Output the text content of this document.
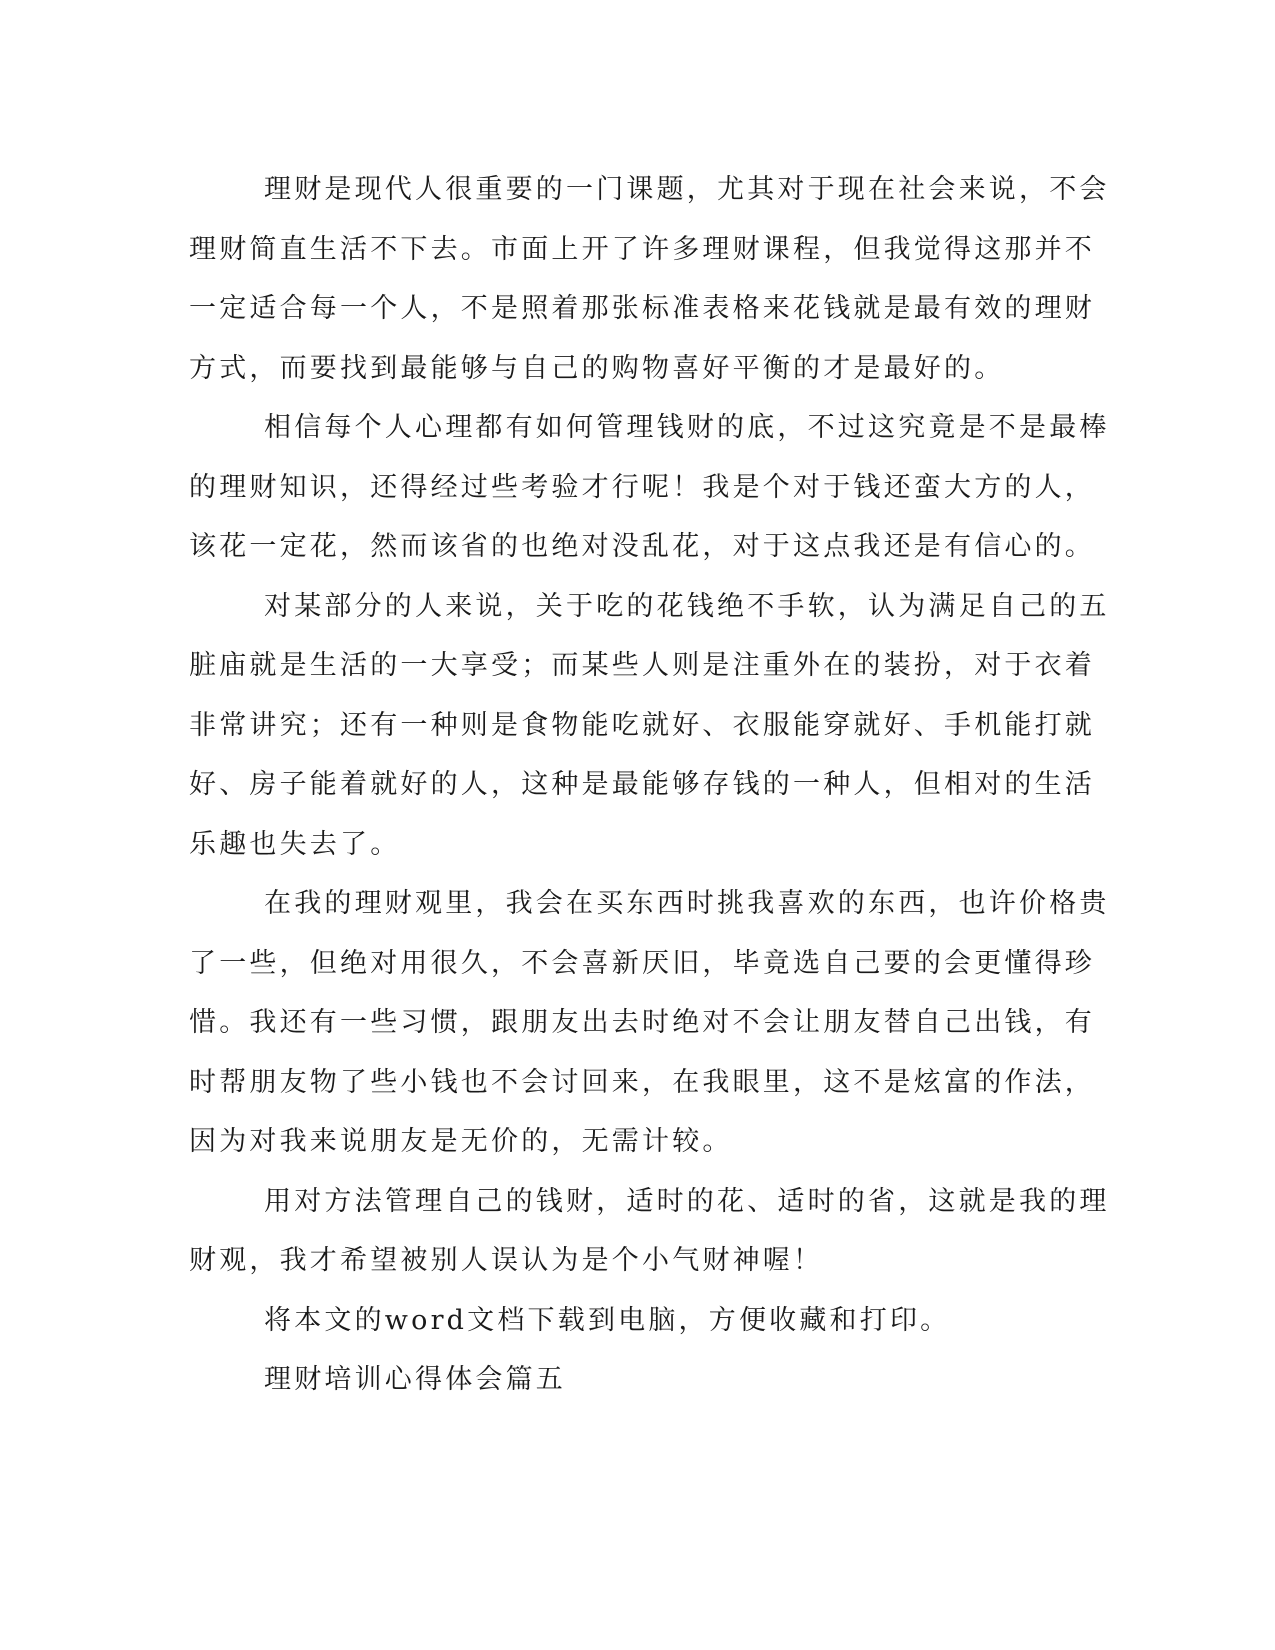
理财是现代人很重要的一门课题，尤其对于现在社会来说，不会
理财简直生活不下去。市面上开了许多理财课程，但我觉得这那并不
一定适合每一个人，不是照着那张标准表格来花钱就是最有效的理财
方式，而要找到最能够与自己的购物喜好平衡的才是最好的。

相信每个人心理都有如何管理钱财的底，不过这究竟是不是最棒
的理财知识，还得经过些考验才行呢！我是个对于钱还蛮大方的人，
该花一定花，然而该省的也绝对没乱花，对于这点我还是有信心的。

对某部分的人来说，关于吃的花钱绝不手软，认为满足自己的五
脏庙就是生活的一大享受；而某些人则是注重外在的装扮，对于衣着
非常讲究；还有一种则是食物能吃就好、衣服能穿就好、手机能打就
好、房子能着就好的人，这种是最能够存钱的一种人，但相对的生活
乐趣也失去了。

在我的理财观里，我会在买东西时挑我喜欢的东西，也许价格贵
了一些，但绝对用很久，不会喜新厌旧，毕竟选自己要的会更懂得珍
惜。我还有一些习惯，跟朋友出去时绝对不会让朋友替自己出钱，有
时帮朋友物了些小钱也不会讨回来，在我眼里，这不是炫富的作法，
因为对我来说朋友是无价的，无需计较。

用对方法管理自己的钱财，适时的花、适时的省，这就是我的理
财观，我才希望被别人误认为是个小气财神喔！

将本文的word文档下载到电脑，方便收藏和打印。

理财培训心得体会篇五
